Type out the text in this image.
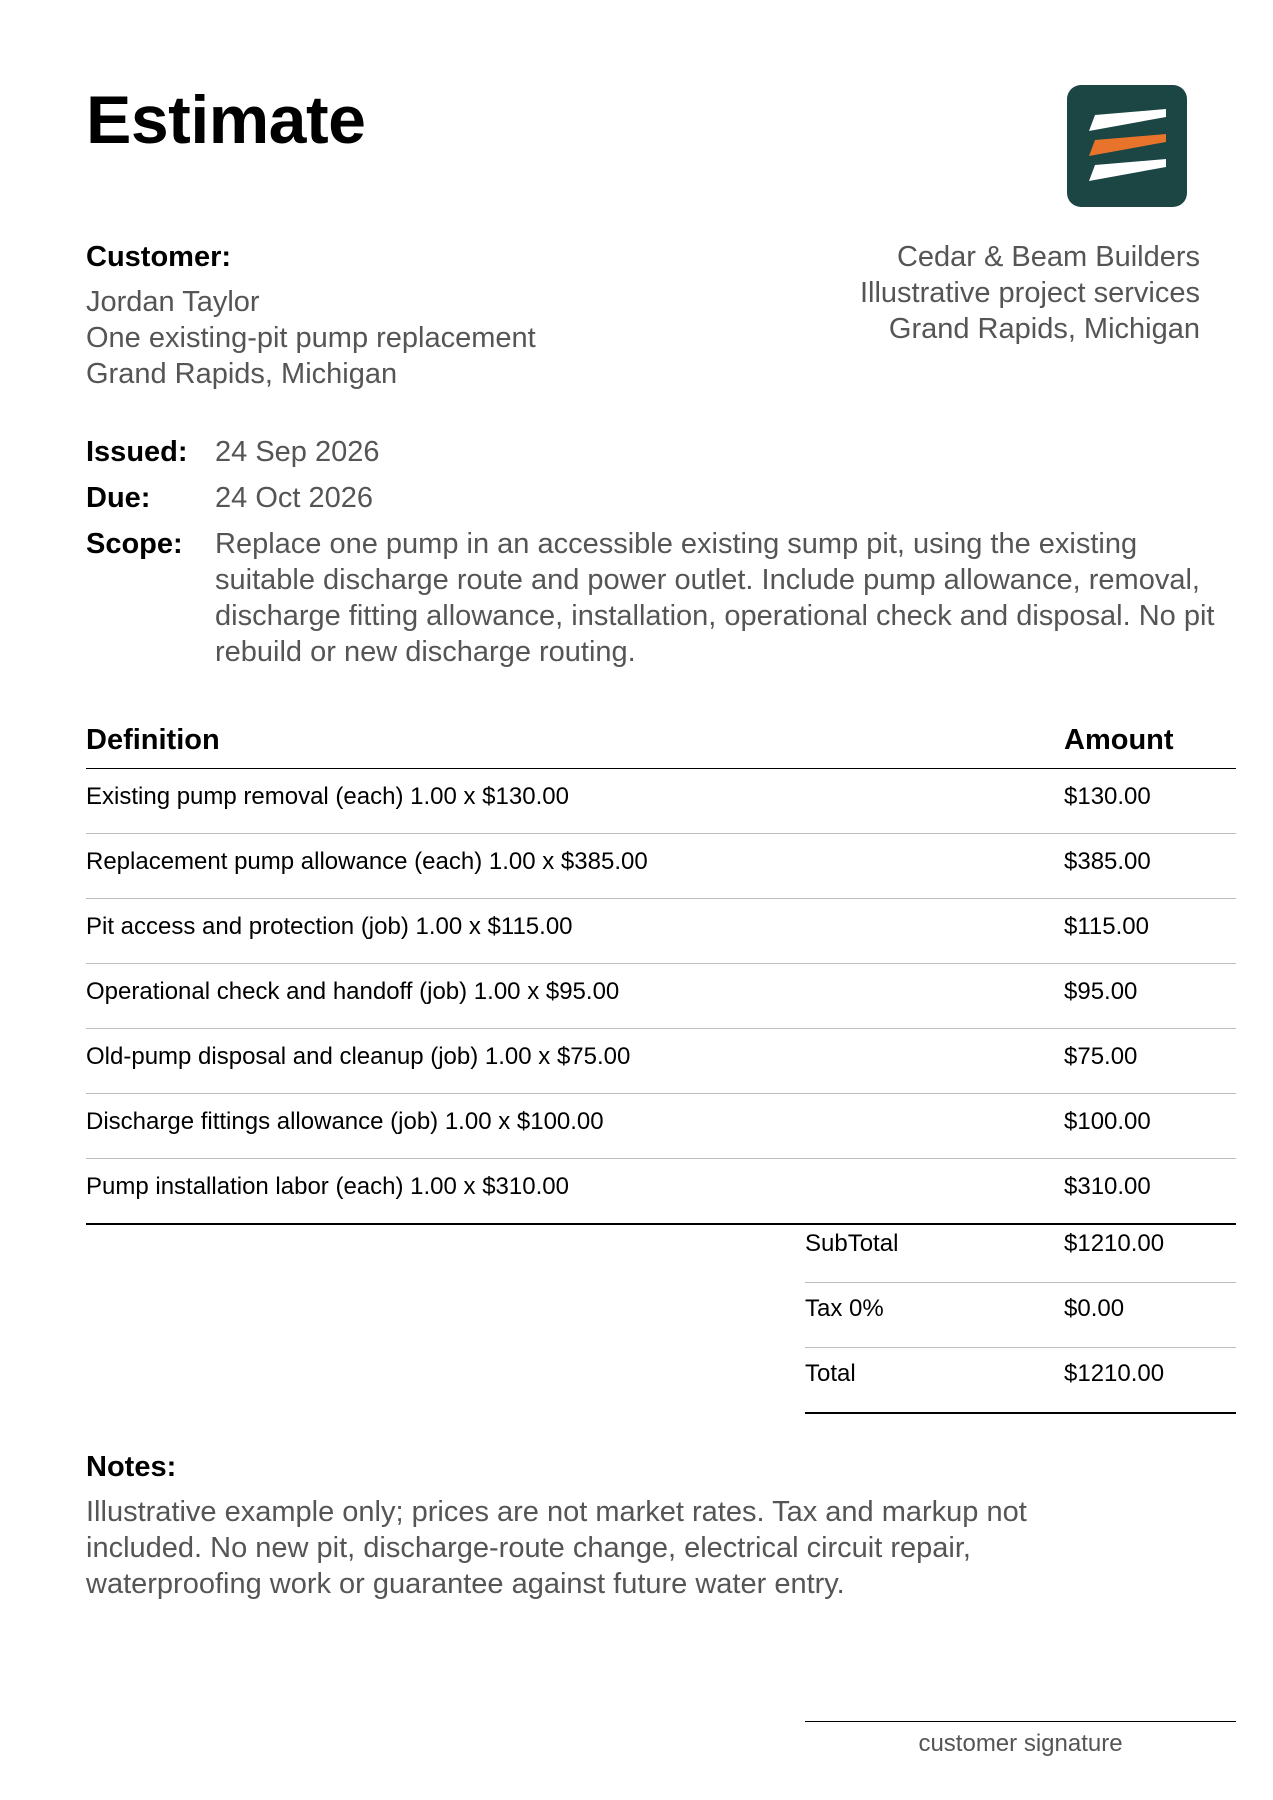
Estimate
Customer:
Jordan Taylor
One existing-pit pump replacement
Grand Rapids, Michigan
Cedar & Beam Builders
Illustrative project services
Grand Rapids, Michigan
Issued: 24 Sep 2026
Due: 24 Oct 2026
Scope: Replace one pump in an accessible existing sump pit, using the existing suitable discharge route and power outlet. Include pump allowance, removal, discharge fitting allowance, installation, operational check and disposal. No pit rebuild or new discharge routing.
Definition	Amount
Existing pump removal (each) 1.00 x $130.00	$130.00
Replacement pump allowance (each) 1.00 x $385.00	$385.00
Pit access and protection (job) 1.00 x $115.00	$115.00
Operational check and handoff (job) 1.00 x $95.00	$95.00
Old-pump disposal and cleanup (job) 1.00 x $75.00	$75.00
Discharge fittings allowance (job) 1.00 x $100.00	$100.00
Pump installation labor (each) 1.00 x $310.00	$310.00
SubTotal	$1210.00
Tax 0%	$0.00
Total	$1210.00
Notes:
Illustrative example only; prices are not market rates. Tax and markup not included. No new pit, discharge-route change, electrical circuit repair, waterproofing work or guarantee against future water entry.
customer signature
